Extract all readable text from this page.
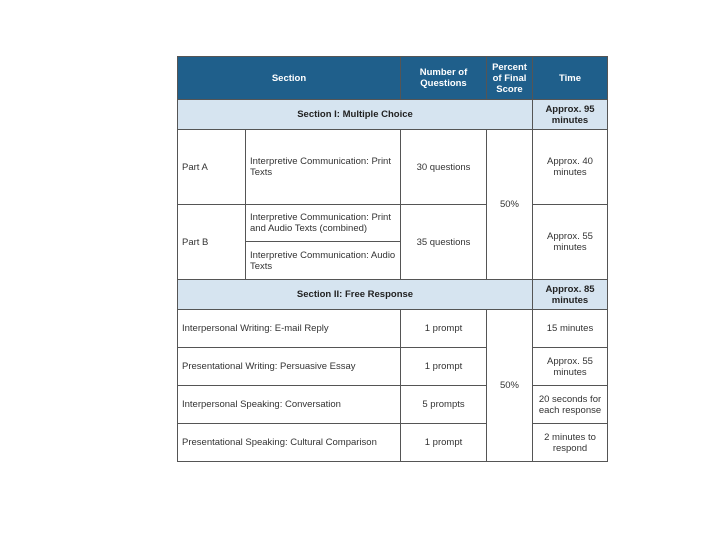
Section		Number of Questions	Percent of Final Score	Time
Section I: Multiple Choice				Approx. 95 minutes
Part A	Interpretive Communication: Print Texts	30 questions	50%	Approx. 40 minutes
Part B	Interpretive Communication: Print and Audio Texts (combined)	35 questions		Approx. 55 minutes
	Interpretive Communication: Audio Texts			
Section II: Free Response				Approx. 85 minutes
Interpersonal Writing: E-mail Reply		1 prompt	50%	15 minutes
Presentational Writing: Persuasive Essay		1 prompt		Approx. 55 minutes
Interpersonal Speaking: Conversation		5 prompts		20 seconds for each response
Presentational Speaking: Cultural Comparison		1 prompt		2 minutes to respond
